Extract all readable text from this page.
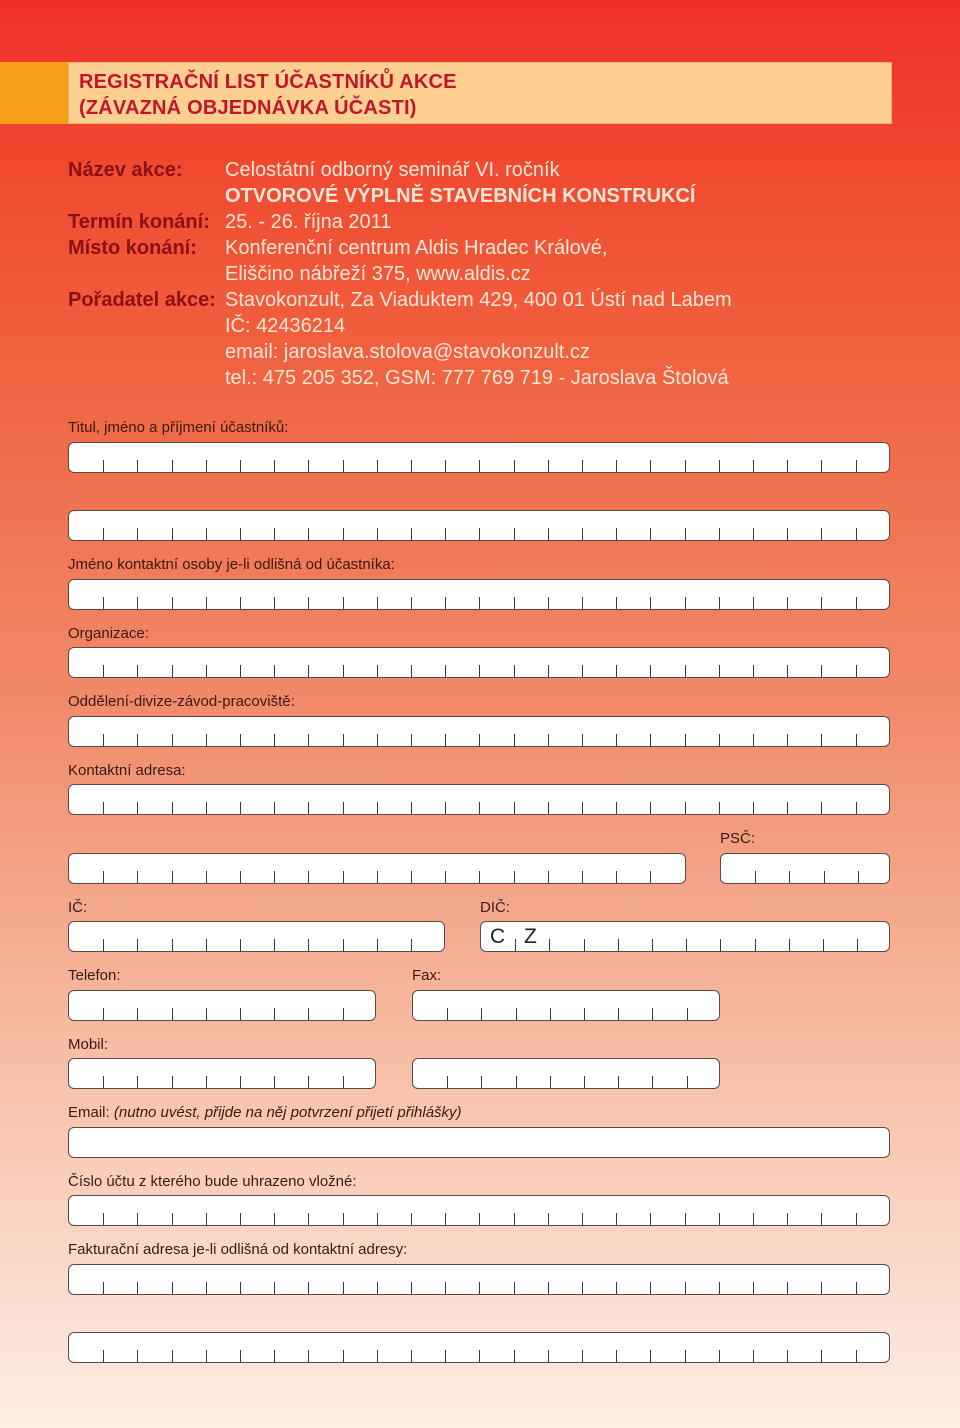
REGISTRAČNÍ LIST ÚČASTNÍKŮ AKCE
(ZÁVAZNÁ OBJEDNÁVKA ÚČASTI)
Název akce: Celostátní odborný seminář VI. ročník
OTVOROVÉ VÝPLNĚ STAVEBNÍCH KONSTRUKCÍ
Termín konání: 25. - 26. října 2011
Místo konání: Konferenční centrum Aldis Hradec Králové,
Eliščino nábřeží 375, www.aldis.cz
Pořadatel akce: Stavokonzult, Za Viaduktem 429, 400 01 Ústí nad Labem
IČ: 42436214
email: jaroslava.stolova@stavokonzult.cz
tel.: 475 205 352, GSM: 777 769 719 - Jaroslava Štolová
Titul, jméno a příjmení účastníků:
Jméno kontaktní osoby je-li odlišná od účastníka:
Organizace:
Oddělení-divize-závod-pracoviště:
Kontaktní adresa:
PSČ:
IČ:	DIČ:
Telefon:	Fax:
Mobil:
Email: (nutno uvést, přijde na něj potvrzení přijetí přihlášky)
Číslo účtu z kterého bude uhrazeno vložné:
Fakturační adresa je-li odlišná od kontaktní adresy:
C Z
